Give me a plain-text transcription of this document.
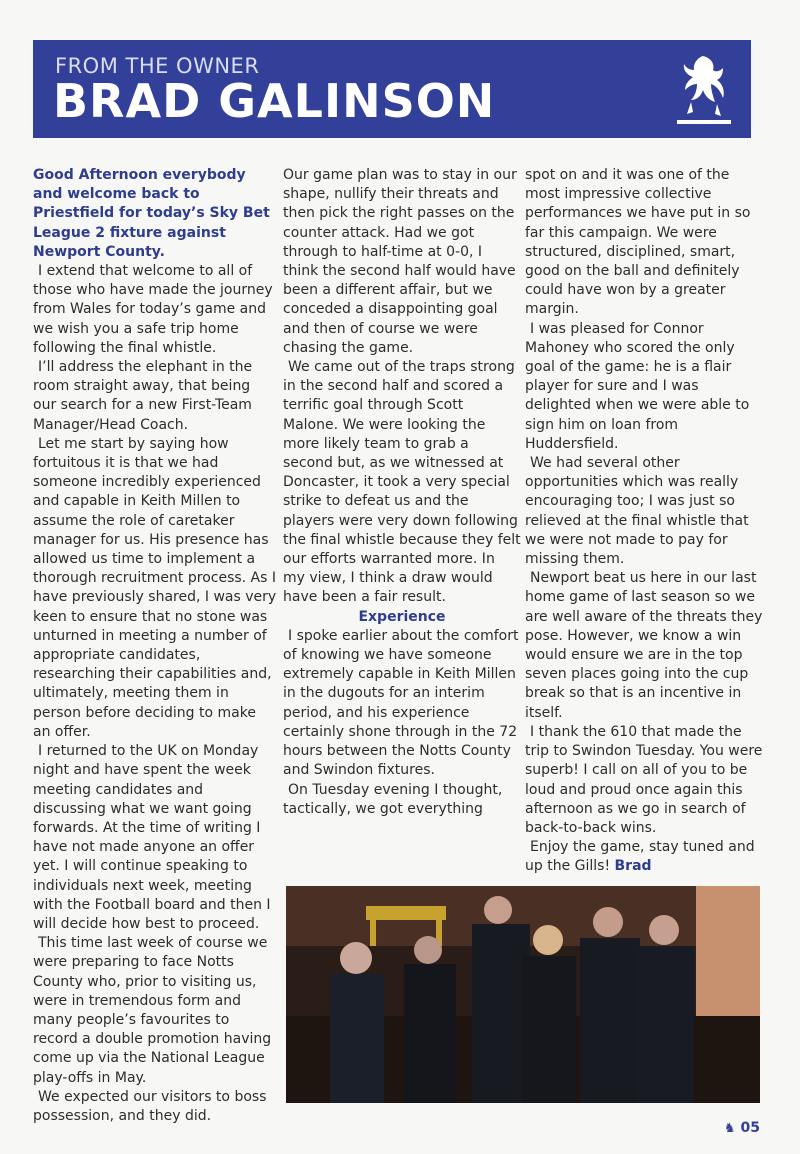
FROM THE OWNER
BRAD GALINSON

Good Afternoon everybody and welcome back to Priestfield for today’s Sky Bet League 2 fixture against Newport County.

I extend that welcome to all of those who have made the journey from Wales for today’s game and we wish you a safe trip home following the final whistle.

I’ll address the elephant in the room straight away, that being our search for a new First-Team Manager/Head Coach.

Let me start by saying how fortuitous it is that we had someone incredibly experienced and capable in Keith Millen to assume the role of caretaker manager for us. His presence has allowed us time to implement a thorough recruitment process. As I have previously shared, I was very keen to ensure that no stone was unturned in meeting a number of appropriate candidates, researching their capabilities and, ultimately, meeting them in person before deciding to make an offer.

I returned to the UK on Monday night and have spent the week meeting candidates and discussing what we want going forwards. At the time of writing I have not made anyone an offer yet. I will continue speaking to individuals next week, meeting with the Football board and then I will decide how best to proceed.

This time last week of course we were preparing to face Notts County who, prior to visiting us, were in tremendous form and many people’s favourites to record a double promotion having come up via the National League play-offs in May.

We expected our visitors to boss possession, and they did.

Our game plan was to stay in our shape, nullify their threats and then pick the right passes on the counter attack. Had we got through to half-time at 0-0, I think the second half would have been a different affair, but we conceded a disappointing goal and then of course we were chasing the game.

We came out of the traps strong in the second half and scored a terrific goal through Scott Malone. We were looking the more likely team to grab a second but, as we witnessed at Doncaster, it took a very special strike to defeat us and the players were very down following the final whistle because they felt our efforts warranted more. In my view, I think a draw would have been a fair result.

Experience

I spoke earlier about the comfort of knowing we have someone extremely capable in Keith Millen in the dugouts for an interim period, and his experience certainly shone through in the 72 hours between the Notts County and Swindon fixtures.

On Tuesday evening I thought, tactically, we got everything

spot on and it was one of the most impressive collective performances we have put in so far this campaign. We were structured, disciplined, smart, good on the ball and definitely could have won by a greater margin.

I was pleased for Connor Mahoney who scored the only goal of the game: he is a flair player for sure and I was delighted when we were able to sign him on loan from Huddersfield.

We had several other opportunities which was really encouraging too; I was just so relieved at the final whistle that we were not made to pay for missing them.

Newport beat us here in our last home game of last season so we are well aware of the threats they pose. However, we know a win would ensure we are in the top seven places going into the cup break so that is an incentive in itself.

I thank the 610 that made the trip to Swindon Tuesday. You were superb! I call on all of you to be loud and proud once again this afternoon as we go in search of back-to-back wins.

Enjoy the game, stay tuned and up the Gills! Brad

♞ 05
